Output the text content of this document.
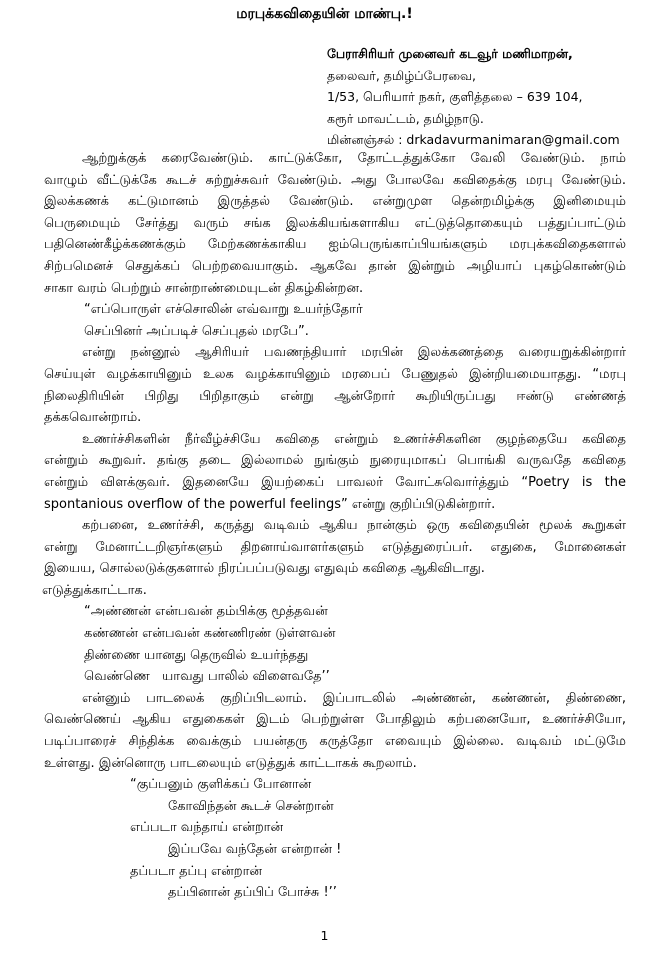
மரபுக்கவிதையின் மாண்பு.!
பேராசிரியர் முனைவர் கடவூர் மணிமாறன்,
தலைவர், தமிழ்ப்பேரவை,
1/53, பெரியார் நகர், குளித்தலை – 639 104,
கரூர் மாவட்டம், தமிழ்நாடு.
மின்னஞ்சல் : drkadavurmanimaran@gmail.com
ஆற்றுக்குக் கரைவேண்டும். காட்டுக்கோ, தோட்டத்துக்கோ வேலி வேண்டும். நாம்
வாழும் வீட்டுக்கே கூடச் சுற்றுச்சுவர் வேண்டும். அது போலவே கவிதைக்கு மரபு வேண்டும்.
இலக்கணக் கட்டுமானம் இருத்தல் வேண்டும். என்றுமுள தென்றமிழ்க்கு இனிமையும்
பெருமையும் சேர்த்து வரும் சங்க இலக்கியங்களாகிய எட்டுத்தொகையும் பத்துப்பாட்டும்
பதினெண்கீழ்க்கணக்கும் மேற்கணக்காகிய ஐம்பெருங்காப்பியங்களும் மரபுக்கவிதைகளால்
சிற்பமெனச் செதுக்கப் பெற்றவையாகும். ஆகவே தான் இன்றும் அழியாப் புகழ்கொண்டும்
சாகா வரம் பெற்றும் சான்றாண்மையுடன் திகழ்கின்றன.
“எப்பொருள் எச்சொலின் எவ்வாறு உயர்ந்தோர்
செப்பினர் அப்படிச் செப்புதல் மரபே”.
என்று நன்னூல் ஆசிரியர் பவணந்தியார் மரபின் இலக்கணத்தை வரையறுக்கின்றார்
செய்யுள் வழக்காயினும் உலக வழக்காயினும் மரபைப் பேணுதல் இன்றியமையாதது. “மரபு
நிலைதிரியின் பிறிது பிறிதாகும் என்று ஆன்றோர் கூறியிருப்பது ஈண்டு எண்ணத்
தக்கவொன்றாம்.
உணர்ச்சிகளின் நீர்வீழ்ச்சியே கவிதை என்றும் உணர்ச்சிகளின குழந்தையே கவிதை
என்றும் கூறுவர். தங்கு தடை இல்லாமல் நுங்கும் நுரையுமாகப் பொங்கி வருவதே கவிதை
என்றும் விளக்குவர். இதனையே இயற்கைப் பாவலர் வோட்சுவொர்த்தும் “Poetry is the
spontanious overflow of the powerful feelings” என்று குறிப்பிடுகின்றார்.
கற்பனை, உணர்ச்சி, கருத்து வடிவம் ஆகிய நான்கும் ஒரு கவிதையின் மூலக் கூறுகள்
என்று மேனாட்டறிஞர்களும் திறனாய்வாளர்களும் எடுத்துரைப்பர். எதுகை, மோனைகள்
இயைய, சொல்லடுக்குகளால் நிரப்பப்படுவது எதுவும் கவிதை ஆகிவிடாது.
எடுத்துக்காட்டாக.
“அண்ணன் என்பவன் தம்பிக்கு மூத்தவன்
கண்ணன் என்பவன் கண்ணிரண் டுள்ளவன்
திண்ணை யானது தெருவில் உயர்ந்தது
வெண்ணெ   யாவது பாலில் விளைவதே’’
என்னும் பாடலைக் குறிப்பிடலாம். இப்பாடலில் அண்ணன், கண்ணன், திண்ணை,
வெண்ணெய் ஆகிய எதுகைகள் இடம் பெற்றுள்ள போதிலும் கற்பனையோ, உணர்ச்சியோ,
படிப்பாரைச் சிந்திக்க வைக்கும் பயன்தரு கருத்தோ எவையும் இல்லை. வடிவம் மட்டுமே
உள்ளது. இன்னொரு பாடலையும் எடுத்துக் காட்டாகக் கூறலாம்.
“குப்பனும் குளிக்கப் போனான்
கோவிந்தன் கூடச் சென்றான்
எப்படா வந்தாய் என்றான்
இப்பவே வந்தேன் என்றான் !
தப்படா தப்பு என்றான்
தப்பினான் தப்பிப் போச்சு !’’
1
